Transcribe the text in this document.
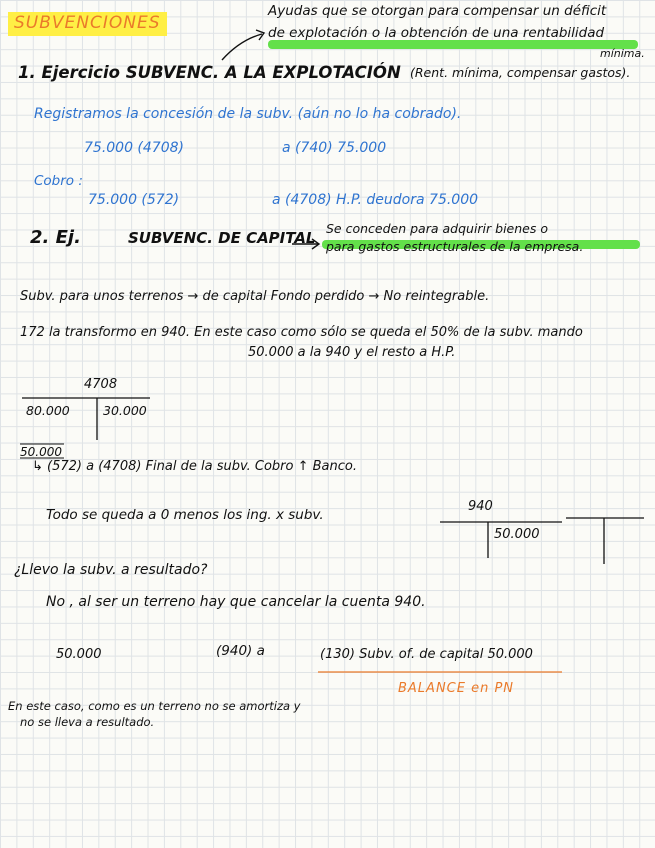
SUBVENCIONES
Ayudas que se otorgan para compensar un déficit
de explotación o la obtención de una rentabilidad
mínima.
1. Ejercicio SUBVENC. A LA EXPLOTACIÓN (Rent. mínima, compensar gastos).
Registramos la concesión de la subv. (aún no lo ha cobrado).
75.000 (4708)	a (740) 75.000
Cobro :
75.000 (572)	a (4708) H.P. deudora 75.000
Se conceden para adquirir bienes o
para gastos estructurales de la empresa.
2. Ej.	SUBVENC. DE CAPITAL
Subv. para unos terrenos → de capital Fondo perdido → No reintegrable.
172 la transformo en 940. En este caso como sólo se queda el 50% de la subv. mando
50.000 a la 940 y el resto a H.P.
4708
80.000	30.000
50.000
↳ (572) a (4708) Final de la subv. Cobro ↑ Banco.
Todo se queda a 0 menos los ing. x subv.
940
50.000
¿Llevo la subv. a resultado?
No , al ser un terreno hay que cancelar la cuenta 940.
50.000	(940) a	(130) Subv. of. de capital 50.000
BALANCE en PN
En este caso, como es un terreno no se amortiza y
no se lleva a resultado.
